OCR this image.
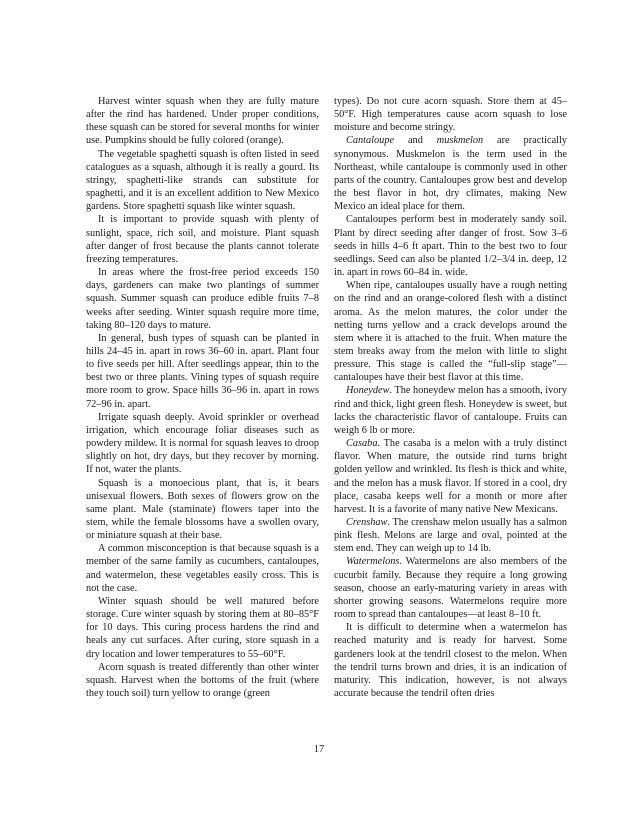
Harvest winter squash when they are fully mature after the rind has hardened. Under proper conditions, these squash can be stored for several months for winter use. Pumpkins should be fully colored (orange).

The vegetable spaghetti squash is often listed in seed catalogues as a squash, although it is really a gourd. Its stringy, spaghetti-like strands can substitute for spaghetti, and it is an excellent addition to New Mexico gardens. Store spaghetti squash like winter squash.

It is important to provide squash with plenty of sunlight, space, rich soil, and moisture. Plant squash after danger of frost because the plants cannot tolerate freezing temperatures.

In areas where the frost-free period exceeds 150 days, gardeners can make two plantings of summer squash. Summer squash can produce edible fruits 7–8 weeks after seeding. Winter squash require more time, taking 80–120 days to mature.

In general, bush types of squash can be planted in hills 24–45 in. apart in rows 36–60 in. apart. Plant four to five seeds per hill. After seedlings appear, thin to the best two or three plants. Vining types of squash require more room to grow. Space hills 36–96 in. apart in rows 72–96 in. apart.

Irrigate squash deeply. Avoid sprinkler or overhead irrigation, which encourage foliar diseases such as powdery mildew. It is normal for squash leaves to droop slightly on hot, dry days, but they recover by morning. If not, water the plants.

Squash is a monoecious plant, that is, it bears unisexual flowers. Both sexes of flowers grow on the same plant. Male (staminate) flowers taper into the stem, while the female blossoms have a swollen ovary, or miniature squash at their base.

A common misconception is that because squash is a member of the same family as cucumbers, cantaloupes, and watermelon, these vegetables easily cross. This is not the case.

Winter squash should be well matured before storage. Cure winter squash by storing them at 80–85°F for 10 days. This curing process hardens the rind and heals any cut surfaces. After curing, store squash in a dry location and lower temperatures to 55–60°F.

Acorn squash is treated differently than other winter squash. Harvest when the bottoms of the fruit (where they touch soil) turn yellow to orange (green

types). Do not cure acorn squash. Store them at 45–50°F. High temperatures cause acorn squash to lose moisture and become stringy.

Cantaloupe and muskmelon are practically synonymous. Muskmelon is the term used in the Northeast, while cantaloupe is commonly used in other parts of the country. Cantaloupes grow best and develop the best flavor in hot, dry climates, making New Mexico an ideal place for them.

Cantaloupes perform best in moderately sandy soil. Plant by direct seeding after danger of frost. Sow 3–6 seeds in hills 4–6 ft apart. Thin to the best two to four seedlings. Seed can also be planted 1/2–3/4 in. deep, 12 in. apart in rows 60–84 in. wide.

When ripe, cantaloupes usually have a rough netting on the rind and an orange-colored flesh with a distinct aroma. As the melon matures, the color under the netting turns yellow and a crack develops around the stem where it is attached to the fruit. When mature the stem breaks away from the melon with little to slight pressure. This stage is called the “full-slip stage”—cantaloupes have their best flavor at this time.

Honeydew. The honeydew melon has a smooth, ivory rind and thick, light green flesh. Honeydew is sweet, but lacks the characteristic flavor of cantaloupe. Fruits can weigh 6 lb or more.

Casaba. The casaba is a melon with a truly distinct flavor. When mature, the outside rind turns bright golden yellow and wrinkled. Its flesh is thick and white, and the melon has a musk flavor. If stored in a cool, dry place, casaba keeps well for a month or more after harvest. It is a favorite of many native New Mexicans.

Crenshaw. The crenshaw melon usually has a salmon pink flesh. Melons are large and oval, pointed at the stem end. They can weigh up to 14 lb.

Watermelons. Watermelons are also members of the cucurbit family. Because they require a long growing season, choose an early-maturing variety in areas with shorter growing seasons. Watermelons require more room to spread than cantaloupes—at least 8–10 ft.

It is difficult to determine when a watermelon has reached maturity and is ready for harvest. Some gardeners look at the tendril closest to the melon. When the tendril turns brown and dries, it is an indication of maturity. This indication, however, is not always accurate because the tendril often dries

17
